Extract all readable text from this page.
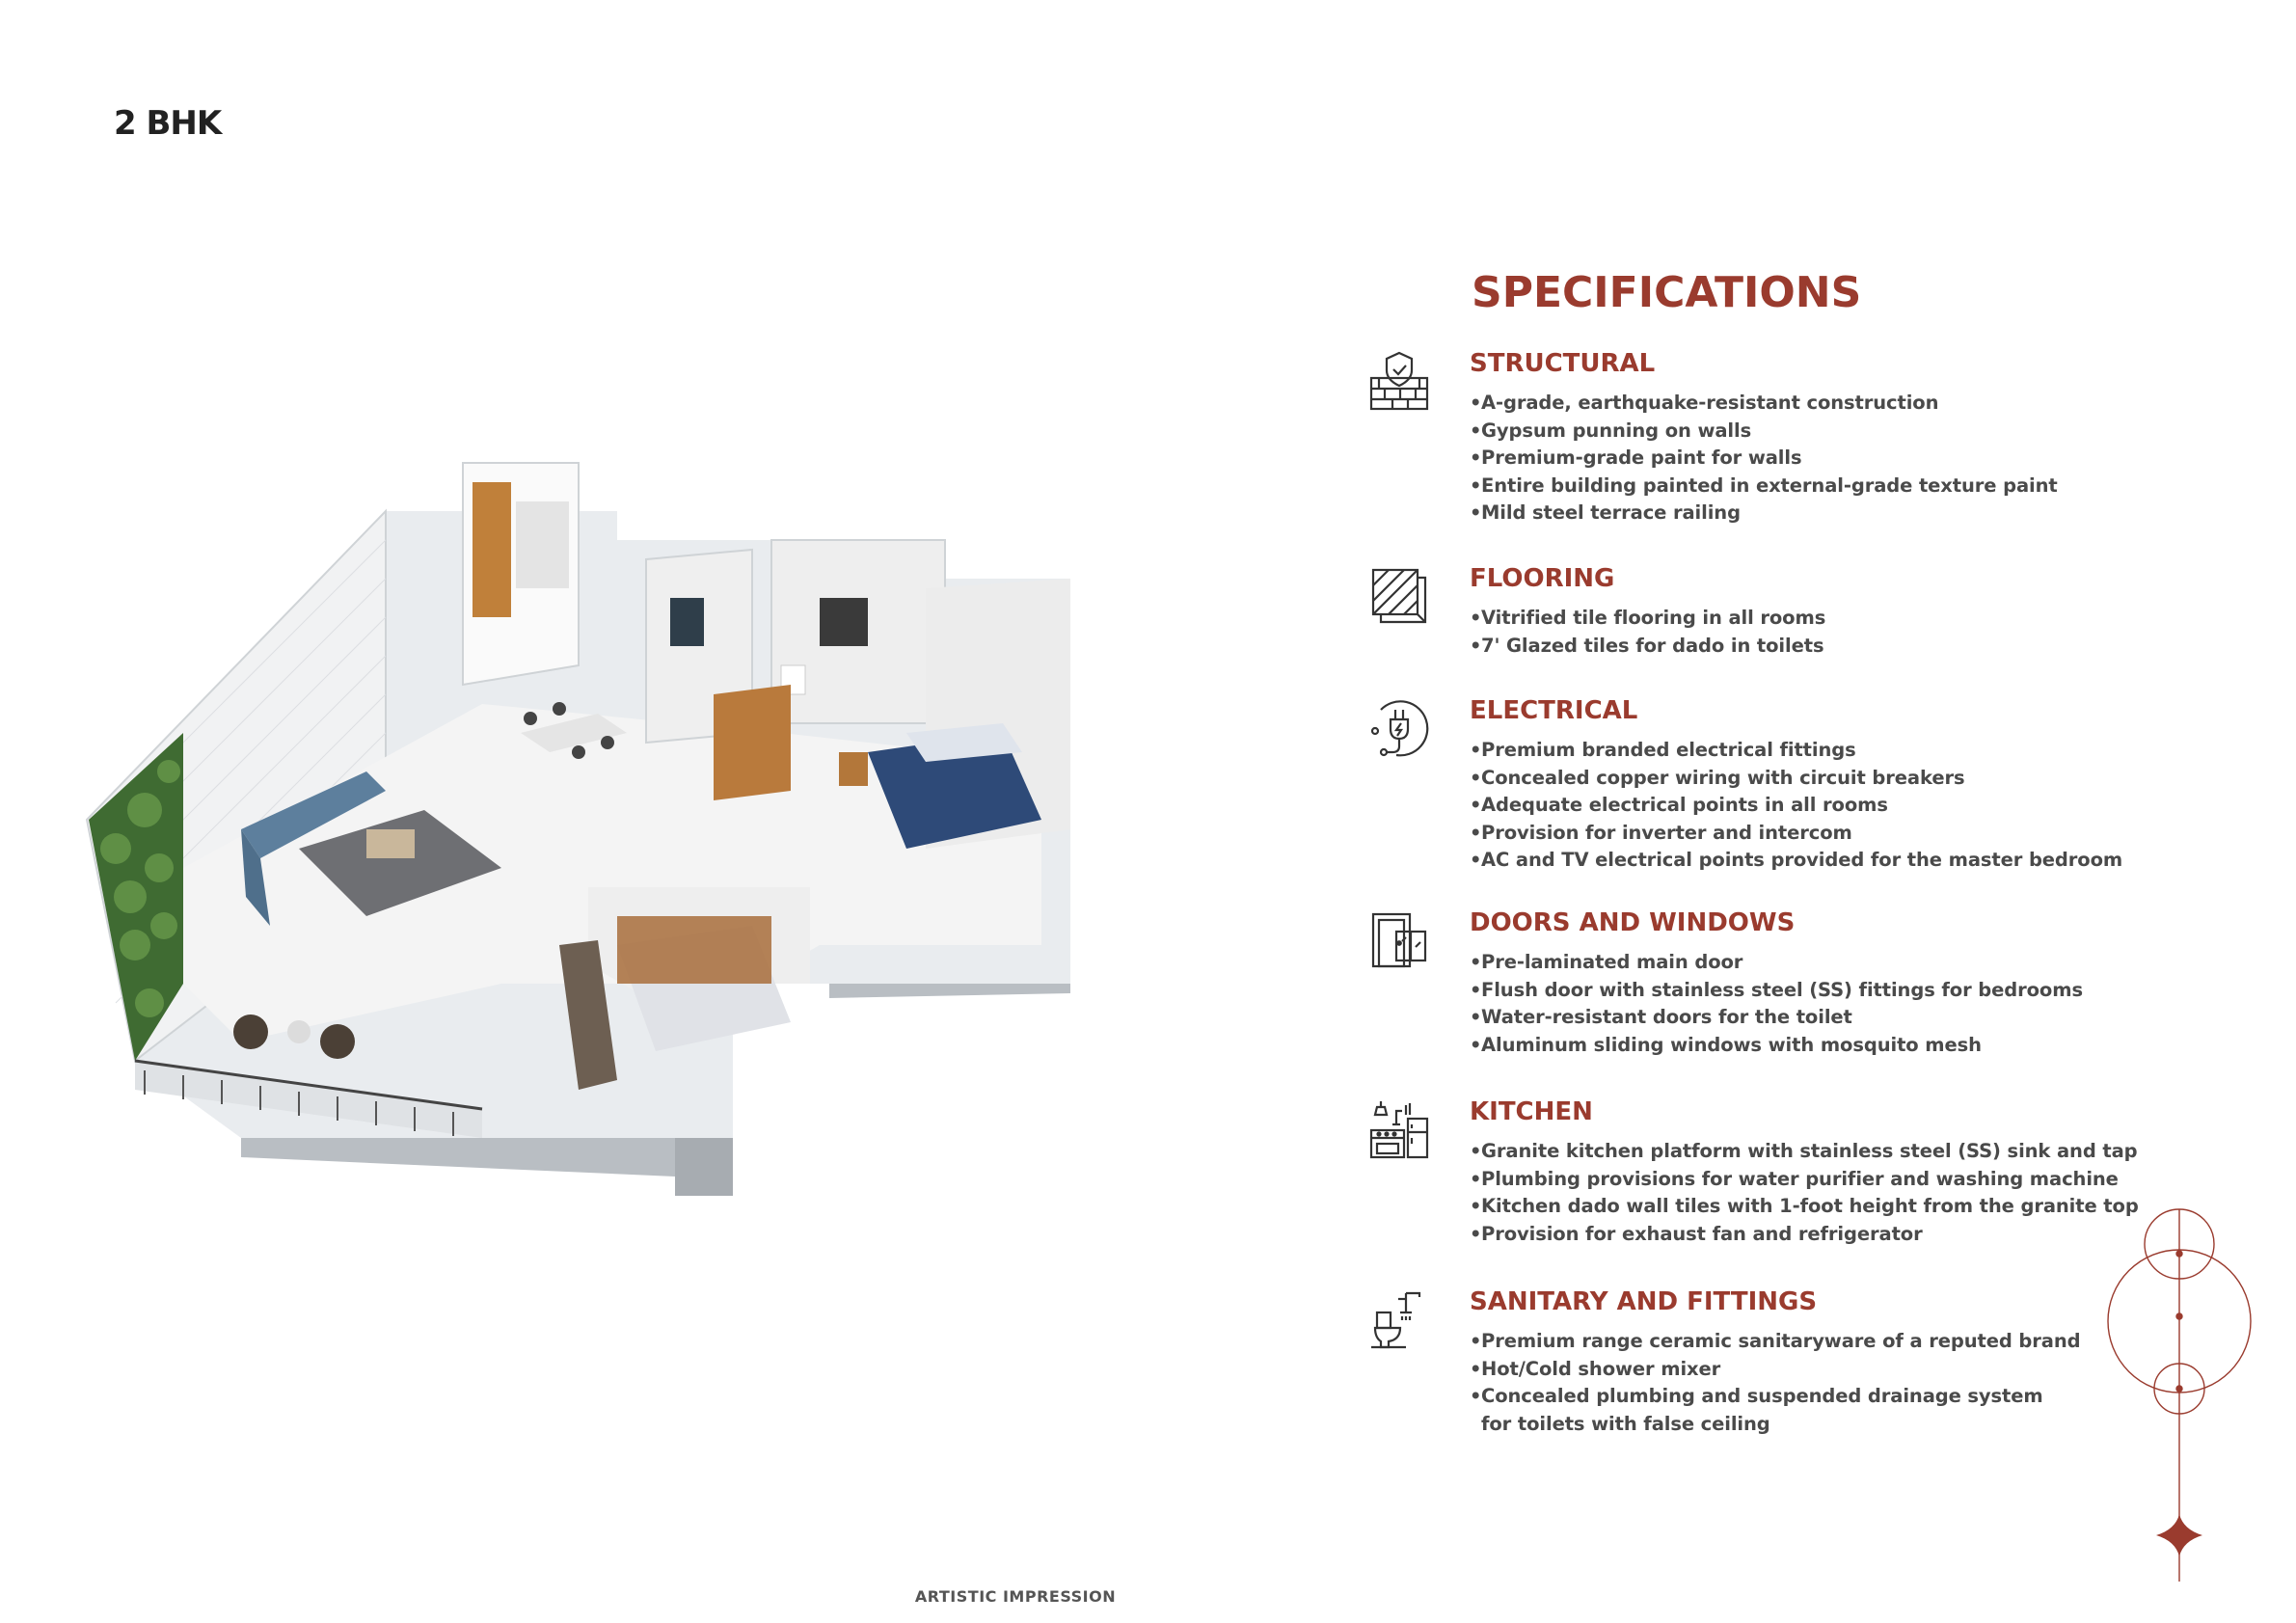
2 BHK
ARTISTIC IMPRESSION
SPECIFICATIONS
STRUCTURAL
•A-grade, earthquake-resistant construction
•Gypsum punning on walls
•Premium-grade paint for walls
•Entire building painted in external-grade texture paint
•Mild steel terrace railing
FLOORING
•Vitrified tile flooring in all rooms
•7' Glazed tiles for dado in toilets
ELECTRICAL
•Premium branded electrical fittings
•Concealed copper wiring with circuit breakers
•Adequate electrical points in all rooms
•Provision for inverter and intercom
•AC and TV electrical points provided for the master bedroom
DOORS AND WINDOWS
•Pre-laminated main door
•Flush door with stainless steel (SS) fittings for bedrooms
•Water-resistant doors for the toilet
•Aluminum sliding windows with mosquito mesh
KITCHEN
•Granite kitchen platform with stainless steel (SS) sink and tap
•Plumbing provisions for water purifier and washing machine
•Kitchen dado wall tiles with 1-foot height from the granite top
•Provision for exhaust fan and refrigerator
SANITARY AND FITTINGS
•Premium range ceramic sanitaryware of a reputed brand
•Hot/Cold shower mixer
•Concealed plumbing and suspended drainage system
for toilets with false ceiling
